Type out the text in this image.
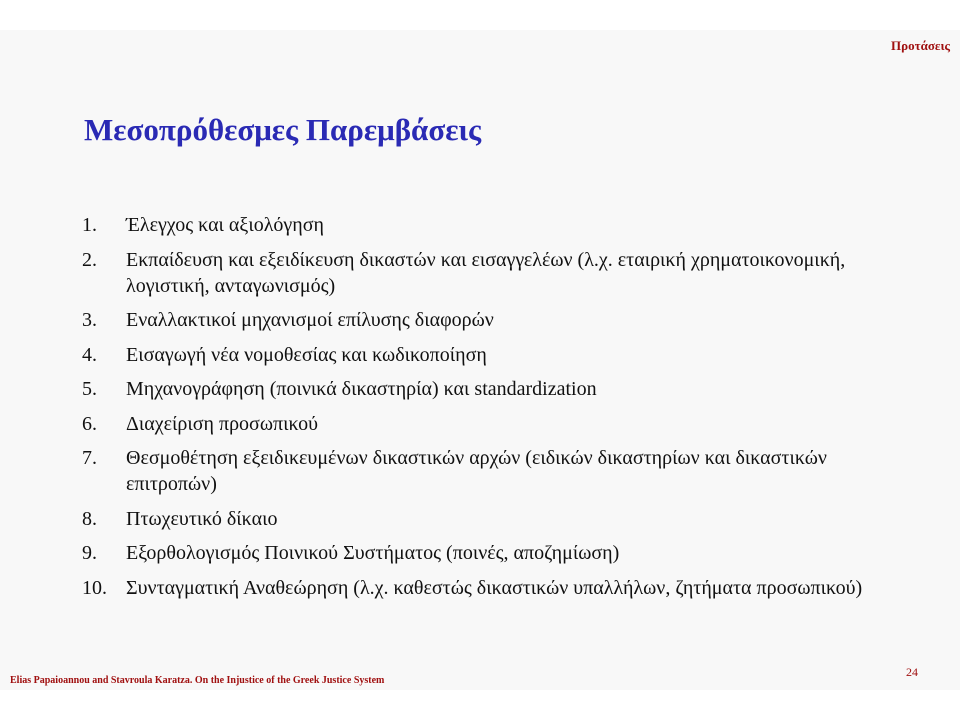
Προτάσεις
Μεσοπρόθεσμες Παρεμβάσεις
1. Έλεγχος και αξιολόγηση
2. Εκπαίδευση και εξειδίκευση δικαστών και εισαγγελέων (λ.χ. εταιρική χρηματοικονομική, λογιστική, ανταγωνισμός)
3. Εναλλακτικοί μηχανισμοί επίλυσης διαφορών
4. Εισαγωγή νέα νομοθεσίας και κωδικοποίηση
5. Μηχανογράφηση (ποινικά δικαστηρία) και standardization
6. Διαχείριση προσωπικού
7. Θεσμοθέτηση εξειδικευμένων δικαστικών αρχών (ειδικών δικαστηρίων και δικαστικών επιτροπών)
8. Πτωχευτικό δίκαιο
9. Εξορθολογισμός Ποινικού Συστήματος (ποινές, αποζημίωση)
10. Συνταγματική Αναθεώρηση (λ.χ. καθεστώς δικαστικών υπαλλήλων, ζητήματα προσωπικού)
Elias Papaioannou and Stavroula Karatza. On the Injustice of the Greek Justice System
24
